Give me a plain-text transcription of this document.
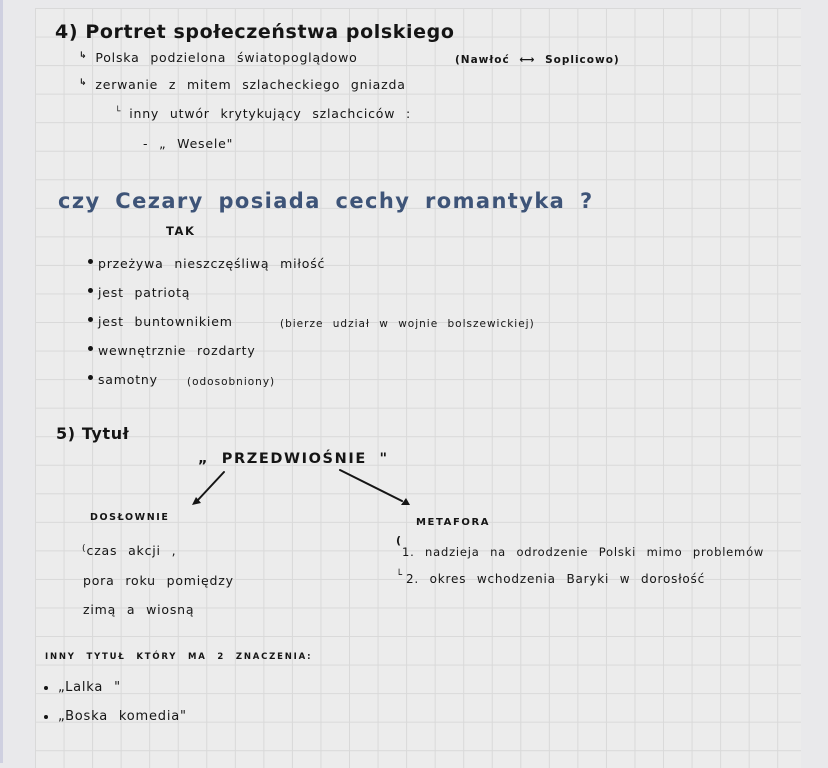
4) Portret społeczeństwa polskiego
↳ Polska podzielona światopoglądowo	(Nawłoć ⟷ Soplicowo)
↳ zerwanie z mitem szlacheckiego gniazda
└ inny utwór krytykujący szlachciców :
- „ Wesele"
czy Cezary posiada cechy romantyka ?
TAK
przeżywa nieszczęśliwą miłość
jest patriotą
jest buntownikiem	(bierze udział w wojnie bolszewickiej)
wewnętrznie rozdarty
samotny	(odosobniony)
5) Tytuł
„ PRZEDWIOŚNIE "
DOSŁOWNIE
(czas akcji ,
pora roku pomiędzy
zimą a wiosną
METAFORA
(
1. nadzieja na odrodzenie Polski mimo problemów
└ 2. okres wchodzenia Baryki w dorosłość
INNY TYTUŁ KTÓRY MA 2 ZNACZENIA:
„Lalka "
„Boska komedia"
